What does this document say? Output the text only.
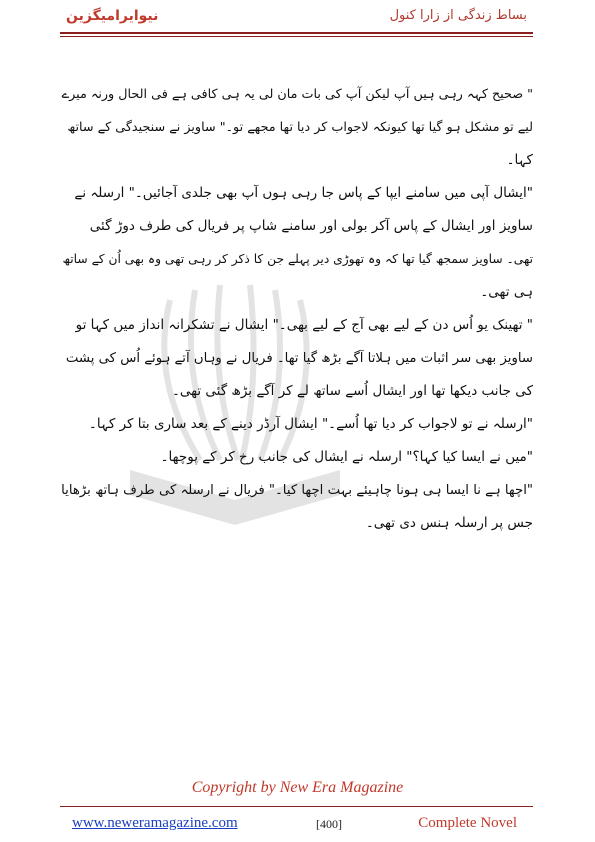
نیوایرامیگزین	بساط زندگی از زارا کنول

" صحیح کہہ رہی ہیں آپ لیکن آپ کی بات مان لی یہ ہی کافی ہے فی الحال ورنہ میرے
لیے تو مشکل ہو گیا تھا کیونکہ لاجواب کر دیا تھا مجھے تو۔" ساویز نے سنجیدگی کے ساتھ
کہا۔

"ایشال آپی میں سامنے ایپا کے پاس جا رہی ہوں آپ بھی جلدی آجائیں۔" ارسلہ نے
ساویز اور ایشال کے پاس آکر بولی اور سامنے شاپ پر فریال کی طرف دوڑ گئی
تھی۔ ساویز سمجھ گیا تھا کہ وہ تھوڑی دیر پہلے جن کا ذکر کر رہی تھی وہ بھی اُن کے ساتھ
ہی تھی۔

" تھینک یو اُس دن کے لیے بھی آج کے لیے بھی۔" ایشال نے تشکرانہ انداز میں کہا تو
ساویز بھی سر اثبات میں ہلاتا آگے بڑھ گیا تھا۔ فریال نے وہاں آتے ہوئے اُس کی پشت
کی جانب دیکھا تھا اور ایشال اُسے ساتھ لے کر آگے بڑھ گئی تھی۔

"ارسلہ نے تو لاجواب کر دیا تھا اُسے۔" ایشال آرڈر دینے کے بعد ساری بتا کر کہا۔

"میں نے ایسا کیا کہا؟" ارسلہ نے ایشال کی جانب رخ کر کے پوچھا۔

"اچھا ہے نا ایسا ہی ہونا چاہیئے بہت اچھا کیا۔" فریال نے ارسلہ کی طرف ہاتھ بڑھایا
جس پر ارسلہ ہنس دی تھی۔

Copyright by New Era Magazine
www.neweramagazine.com	[400]	Complete Novel
